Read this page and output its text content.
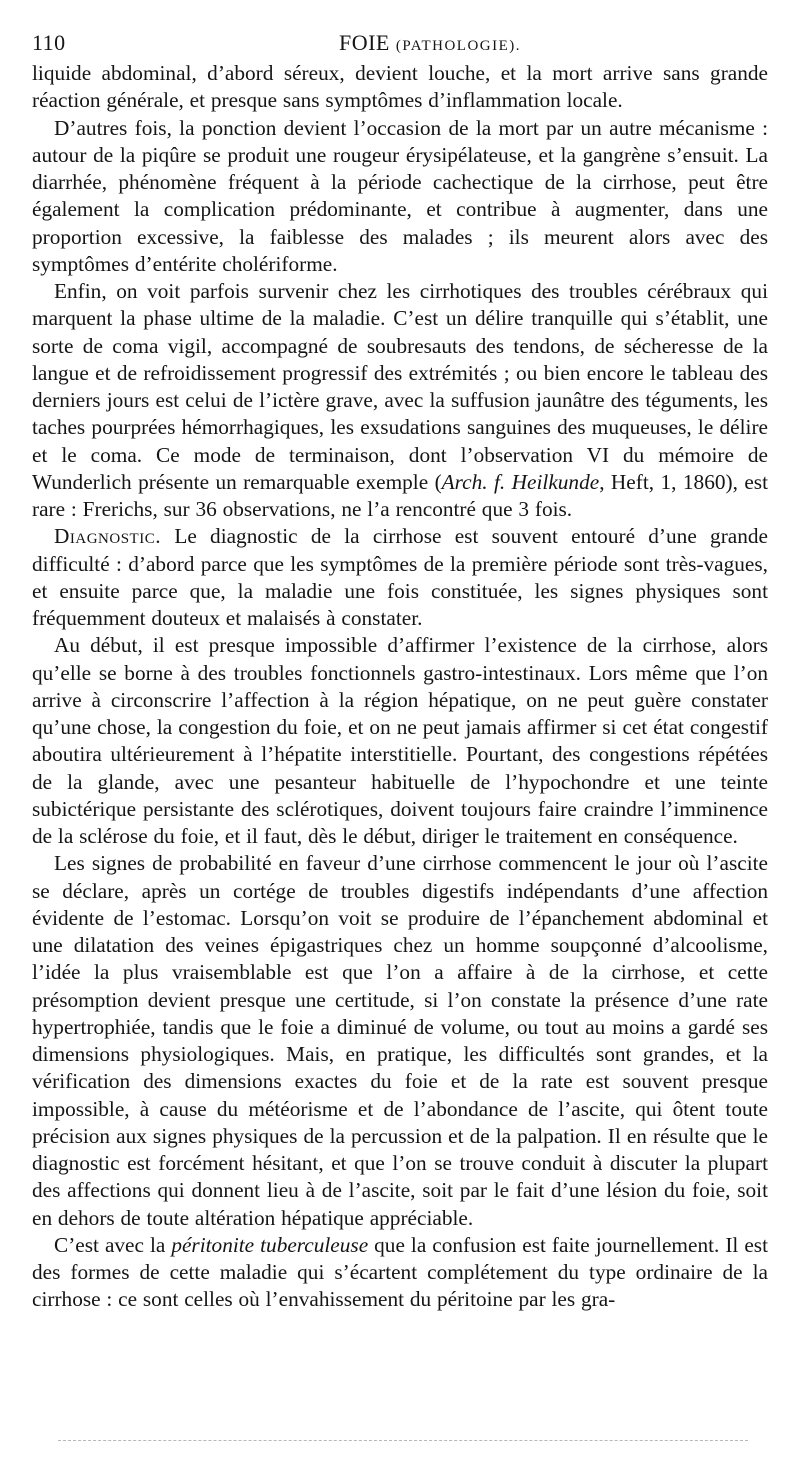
110	FOIE (PATHOLOGIE).

liquide abdominal, d’abord séreux, devient louche, et la mort arrive sans grande réaction générale, et presque sans symptômes d’inflammation locale.

D’autres fois, la ponction devient l’occasion de la mort par un autre mécanisme : autour de la piqûre se produit une rougeur érysipélateuse, et la gangrène s’ensuit. La diarrhée, phénomène fréquent à la période cachectique de la cirrhose, peut être également la complication prédominante, et contribue à augmenter, dans une proportion excessive, la faiblesse des malades ; ils meurent alors avec des symptômes d’entérite cholériforme.

Enfin, on voit parfois survenir chez les cirrhotiques des troubles cérébraux qui marquent la phase ultime de la maladie. C’est un délire tranquille qui s’établit, une sorte de coma vigil, accompagné de soubresauts des tendons, de sécheresse de la langue et de refroidissement progressif des extrémités ; ou bien encore le tableau des derniers jours est celui de l’ictère grave, avec la suffusion jaunâtre des téguments, les taches pourprées hémorrhagiques, les exsudations sanguines des muqueuses, le délire et le coma. Ce mode de terminaison, dont l’observation VI du mémoire de Wunderlich présente un remarquable exemple (Arch. f. Heilkunde, Heft, 1, 1860), est rare : Frerichs, sur 36 observations, ne l’a rencontré que 3 fois.

Diagnostic. Le diagnostic de la cirrhose est souvent entouré d’une grande difficulté : d’abord parce que les symptômes de la première période sont très-vagues, et ensuite parce que, la maladie une fois constituée, les signes physiques sont fréquemment douteux et malaisés à constater.

Au début, il est presque impossible d’affirmer l’existence de la cirrhose, alors qu’elle se borne à des troubles fonctionnels gastro-intestinaux. Lors même que l’on arrive à circonscrire l’affection à la région hépatique, on ne peut guère constater qu’une chose, la congestion du foie, et on ne peut jamais affirmer si cet état congestif aboutira ultérieurement à l’hépatite interstitielle. Pourtant, des congestions répétées de la glande, avec une pesanteur habituelle de l’hypochondre et une teinte subictérique persistante des sclérotiques, doivent toujours faire craindre l’imminence de la sclérose du foie, et il faut, dès le début, diriger le traitement en conséquence.

Les signes de probabilité en faveur d’une cirrhose commencent le jour où l’ascite se déclare, après un cortége de troubles digestifs indépendants d’une affection évidente de l’estomac. Lorsqu’on voit se produire de l’épanchement abdominal et une dilatation des veines épigastriques chez un homme soupçonné d’alcoolisme, l’idée la plus vraisemblable est que l’on a affaire à de la cirrhose, et cette présomption devient presque une certitude, si l’on constate la présence d’une rate hypertrophiée, tandis que le foie a diminué de volume, ou tout au moins a gardé ses dimensions physiologiques. Mais, en pratique, les difficultés sont grandes, et la vérification des dimensions exactes du foie et de la rate est souvent presque impossible, à cause du météorisme et de l’abondance de l’ascite, qui ôtent toute précision aux signes physiques de la percussion et de la palpation. Il en résulte que le diagnostic est forcément hésitant, et que l’on se trouve conduit à discuter la plupart des affections qui donnent lieu à de l’ascite, soit par le fait d’une lésion du foie, soit en dehors de toute altération hépatique appréciable.

C’est avec la péritonite tuberculeuse que la confusion est faite journellement. Il est des formes de cette maladie qui s’écartent complétement du type ordinaire de la cirrhose : ce sont celles où l’envahissement du péritoine par les gra-
